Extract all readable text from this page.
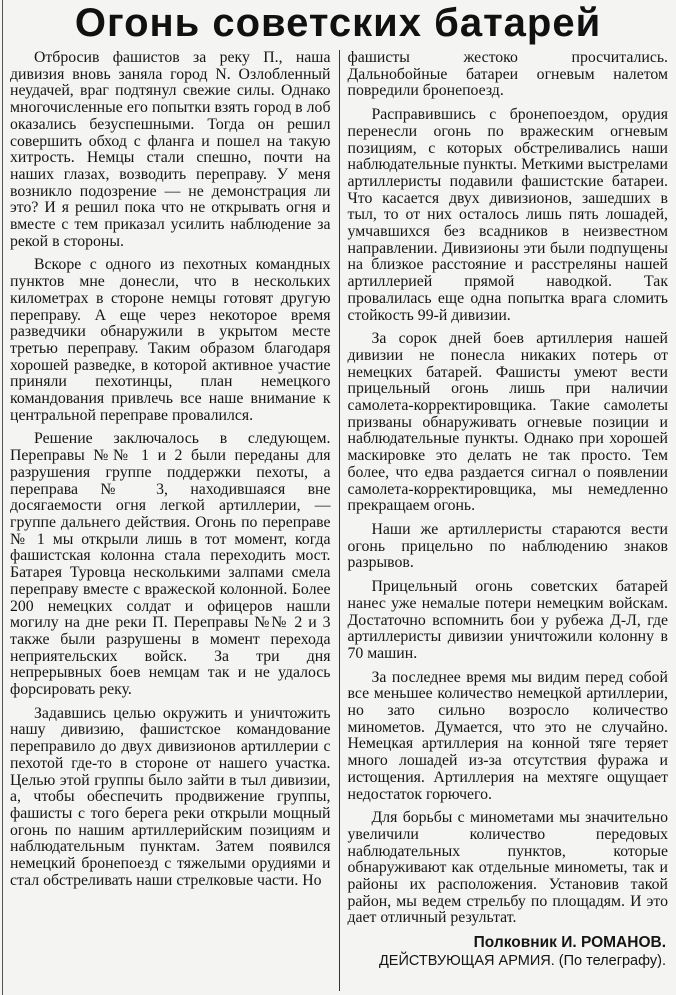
Огонь советских батарей

Отбросив фашистов за реку П., наша дивизия вновь заняла город N. Озлобленный неудачей, враг подтянул свежие силы. Однако многочисленные его попытки взять город в лоб оказались безуспешными. Тогда он решил совершить обход с фланга и пошел на такую хитрость. Немцы стали спешно, почти на наших глазах, возводить переправу. У меня возникло подозрение — не демонстрация ли это? И я решил пока что не открывать огня и вместе с тем приказал усилить наблюдение за рекой в стороны.

Вскоре с одного из пехотных командных пунктов мне донесли, что в нескольких километрах в стороне немцы готовят другую переправу. А еще через некоторое время разведчики обнаружили в укрытом месте третью переправу. Таким образом благодаря хорошей разведке, в которой активное участие приняли пехотинцы, план немецкого командования привлечь все наше внимание к центральной переправе провалился.

Решение заключалось в следующем. Переправы №№ 1 и 2 были переданы для разрушения группе поддержки пехоты, а переправа № 3, находившаяся вне досягаемости огня легкой артиллерии, — группе дальнего действия. Огонь по переправе № 1 мы открыли лишь в тот момент, когда фашистская колонна стала переходить мост. Батарея Туровца несколькими залпами смела переправу вместе с вражеской колонной. Более 200 немецких солдат и офицеров нашли могилу на дне реки П. Переправы №№ 2 и 3 также были разрушены в момент перехода неприятельских войск. За три дня непрерывных боев немцам так и не удалось форсировать реку.

Задавшись целью окружить и уничтожить нашу дивизию, фашистское командование переправило до двух дивизионов артиллерии с пехотой где-то в стороне от нашего участка. Целью этой группы было зайти в тыл дивизии, а, чтобы обеспечить продвижение группы, фашисты с того берега реки открыли мощный огонь по нашим артиллерийским позициям и наблюдательным пунктам. Затем появился немецкий бронепоезд с тяжелыми орудиями и стал обстреливать наши стрелковые части. Но

фашисты жестоко просчитались. Дальнобойные батареи огневым налетом повредили бронепоезд.

Расправившись с бронепоездом, орудия перенесли огонь по вражеским огневым позициям, с которых обстреливались наши наблюдательные пункты. Меткими выстрелами артиллеристы подавили фашистские батареи. Что касается двух дивизионов, зашедших в тыл, то от них осталось лишь пять лошадей, умчавшихся без всадников в неизвестном направлении. Дивизионы эти были подпущены на близкое расстояние и расстреляны нашей артиллерией прямой наводкой. Так провалилась еще одна попытка врага сломить стойкость 99-й дивизии.

За сорок дней боев артиллерия нашей дивизии не понесла никаких потерь от немецких батарей. Фашисты умеют вести прицельный огонь лишь при наличии самолета-корректировщика. Такие самолеты призваны обнаруживать огневые позиции и наблюдательные пункты. Однако при хорошей маскировке это делать не так просто. Тем более, что едва раздается сигнал о появлении самолета-корректировщика, мы немедленно прекращаем огонь.

Наши же артиллеристы стараются вести огонь прицельно по наблюдению знаков разрывов.

Прицельный огонь советских батарей нанес уже немалые потери немецким войскам. Достаточно вспомнить бои у рубежа Д-Л, где артиллеристы дивизии уничтожили колонну в 70 машин.

За последнее время мы видим перед собой все меньшее количество немецкой артиллерии, но зато сильно возросло количество минометов. Думается, что это не случайно. Немецкая артиллерия на конной тяге теряет много лошадей из-за отсутствия фуража и истощения. Артиллерия на мехтяге ощущает недостаток горючего.

Для борьбы с минометами мы значительно увеличили количество передовых наблюдательных пунктов, которые обнаруживают как отдельные минометы, так и районы их расположения. Установив такой район, мы ведем стрельбу по площадям. И это дает отличный результат.

Полковник И. РОМАНОВ.
ДЕЙСТВУЮЩАЯ АРМИЯ. (По телеграфу).
